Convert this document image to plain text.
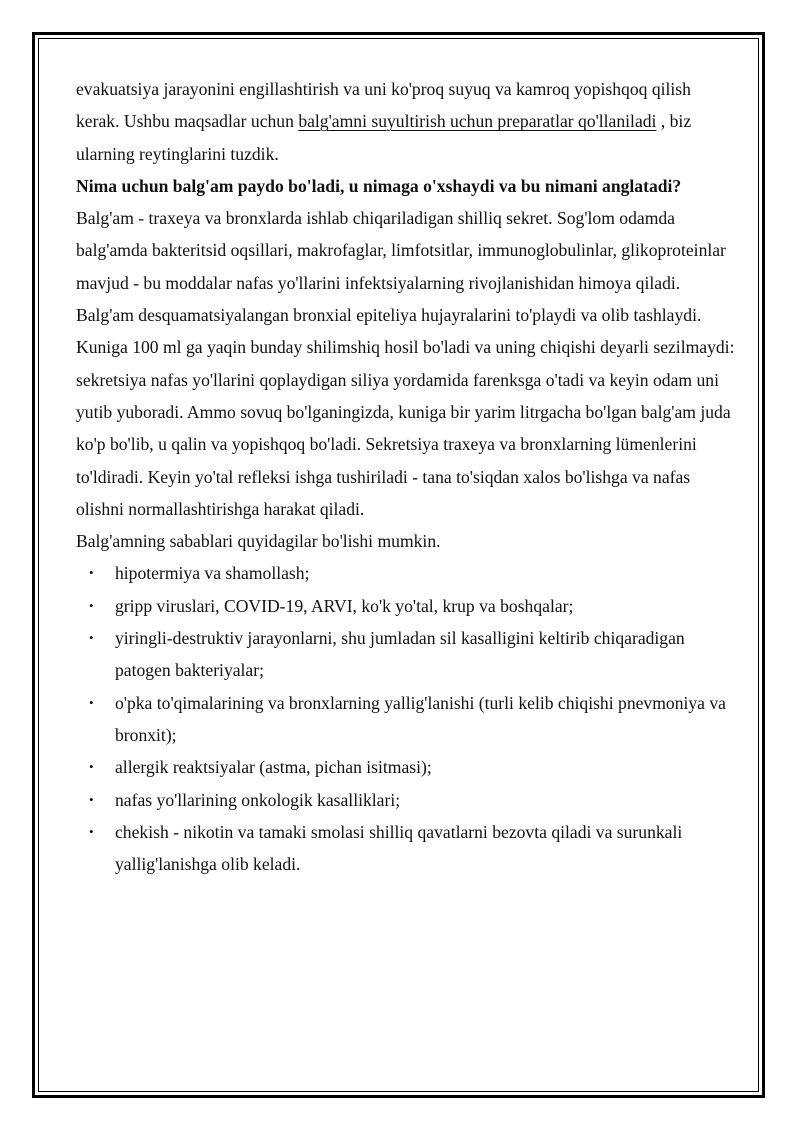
evakuatsiya jarayonini engillashtirish va uni ko'proq suyuq va kamroq yopishqoq qilish kerak. Ushbu maqsadlar uchun balg'amni suyultirish uchun preparatlar qo'llaniladi , biz ularning reytinglarini tuzdik.

Nima uchun balg'am paydo bo'ladi, u nimaga o'xshaydi va bu nimani anglatadi?

Balg'am - traxeya va bronxlarda ishlab chiqariladigan shilliq sekret. Sog'lom odamda balg'amda bakteritsid oqsillari, makrofaglar, limfotsitlar, immunoglobulinlar, glikoproteinlar mavjud - bu moddalar nafas yo'llarini infektsiyalarning rivojlanishidan himoya qiladi. Balg'am desquamatsiyalangan bronxial epiteliya hujayralarini to'playdi va olib tashlaydi. Kuniga 100 ml ga yaqin bunday shilimshiq hosil bo'ladi va uning chiqishi deyarli sezilmaydi: sekretsiya nafas yo'llarini qoplaydigan siliya yordamida farenksga o'tadi va keyin odam uni yutib yuboradi. Ammo sovuq bo'lganingizda, kuniga bir yarim litrgacha bo'lgan balg'am juda ko'p bo'lib, u qalin va yopishqoq bo'ladi. Sekretsiya traxeya va bronxlarning lümenlerini to'ldiradi. Keyin yo'tal refleksi ishga tushiriladi - tana to'siqdan xalos bo'lishga va nafas olishni normallashtirishga harakat qiladi.

Balg'amning sabablari quyidagilar bo'lishi mumkin.

• hipotermiya va shamollash;
• gripp viruslari, COVID-19, ARVI, ko'k yo'tal, krup va boshqalar;
• yiringli-destruktiv jarayonlarni, shu jumladan sil kasalligini keltirib chiqaradigan patogen bakteriyalar;
• o'pka to'qimalarining va bronxlarning yallig'lanishi (turli kelib chiqishi pnevmoniya va bronxit);
• allergik reaktsiyalar (astma, pichan isitmasi);
• nafas yo'llarining onkologik kasalliklari;
• chekish - nikotin va tamaki smolasi shilliq qavatlarni bezovta qiladi va surunkali yallig'lanishga olib keladi.
